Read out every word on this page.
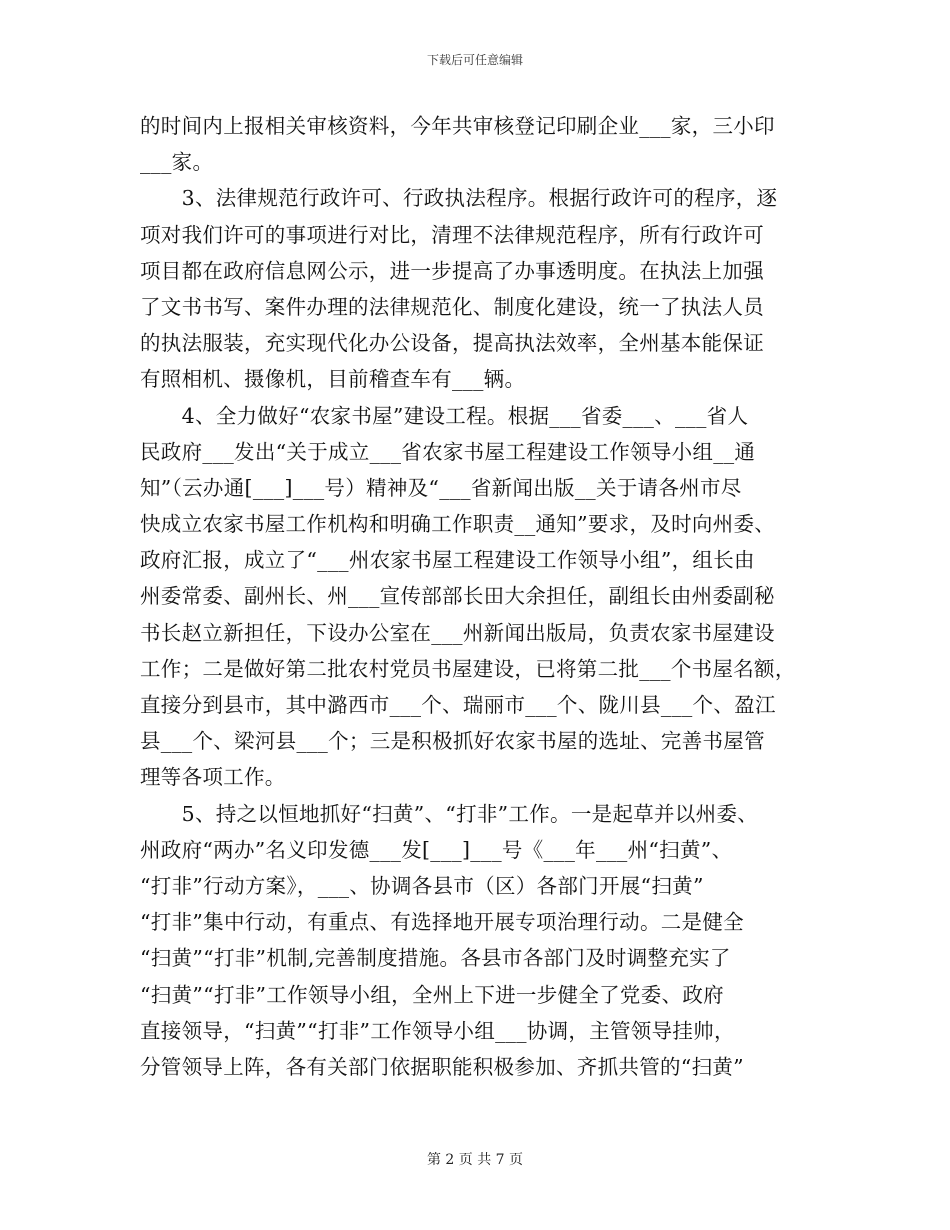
下载后可任意编辑
的时间内上报相关审核资料，今年共审核登记印刷企业___家，三小印
___家。
　　3、法律规范行政许可、行政执法程序。根据行政许可的程序，逐
项对我们许可的事项进行对比，清理不法律规范程序，所有行政许可
项目都在政府信息网公示，进一步提高了办事透明度。在执法上加强
了文书书写、案件办理的法律规范化、制度化建设，统一了执法人员
的执法服装，充实现代化办公设备，提高执法效率，全州基本能保证
有照相机、摄像机，目前稽查车有___辆。
　　4、全力做好“农家书屋”建设工程。根据___省委___、___省人
民政府___发出“关于成立___省农家书屋工程建设工作领导小组__通
知”（云办通[___]___号）精神及“___省新闻出版__关于请各州市尽
快成立农家书屋工作机构和明确工作职责__通知”要求，及时向州委、
政府汇报，成立了“___州农家书屋工程建设工作领导小组”，组长由
州委常委、副州长、州___宣传部部长田大余担任，副组长由州委副秘
书长赵立新担任，下设办公室在___州新闻出版局，负责农家书屋建设
工作；二是做好第二批农村党员书屋建设，已将第二批___个书屋名额，
直接分到县市，其中潞西市___个、瑞丽市___个、陇川县___个、盈江
县___个、梁河县___个；三是积极抓好农家书屋的选址、完善书屋管
理等各项工作。
　　5、持之以恒地抓好“扫黄”、“打非”工作。一是起草并以州委、
州政府“两办”名义印发德___发[___]___号《___年___州“扫黄”、
“打非”行动方案》，___、协调各县市（区）各部门开展“扫黄”
“打非”集中行动，有重点、有选择地开展专项治理行动。二是健全
“扫黄”“打非”机制,完善制度措施。各县市各部门及时调整充实了
“扫黄”“打非”工作领导小组，全州上下进一步健全了党委、政府
直接领导，“扫黄”“打非”工作领导小组___协调，主管领导挂帅，
分管领导上阵，各有关部门依据职能积极参加、齐抓共管的“扫黄”
第 2 页 共 7 页
